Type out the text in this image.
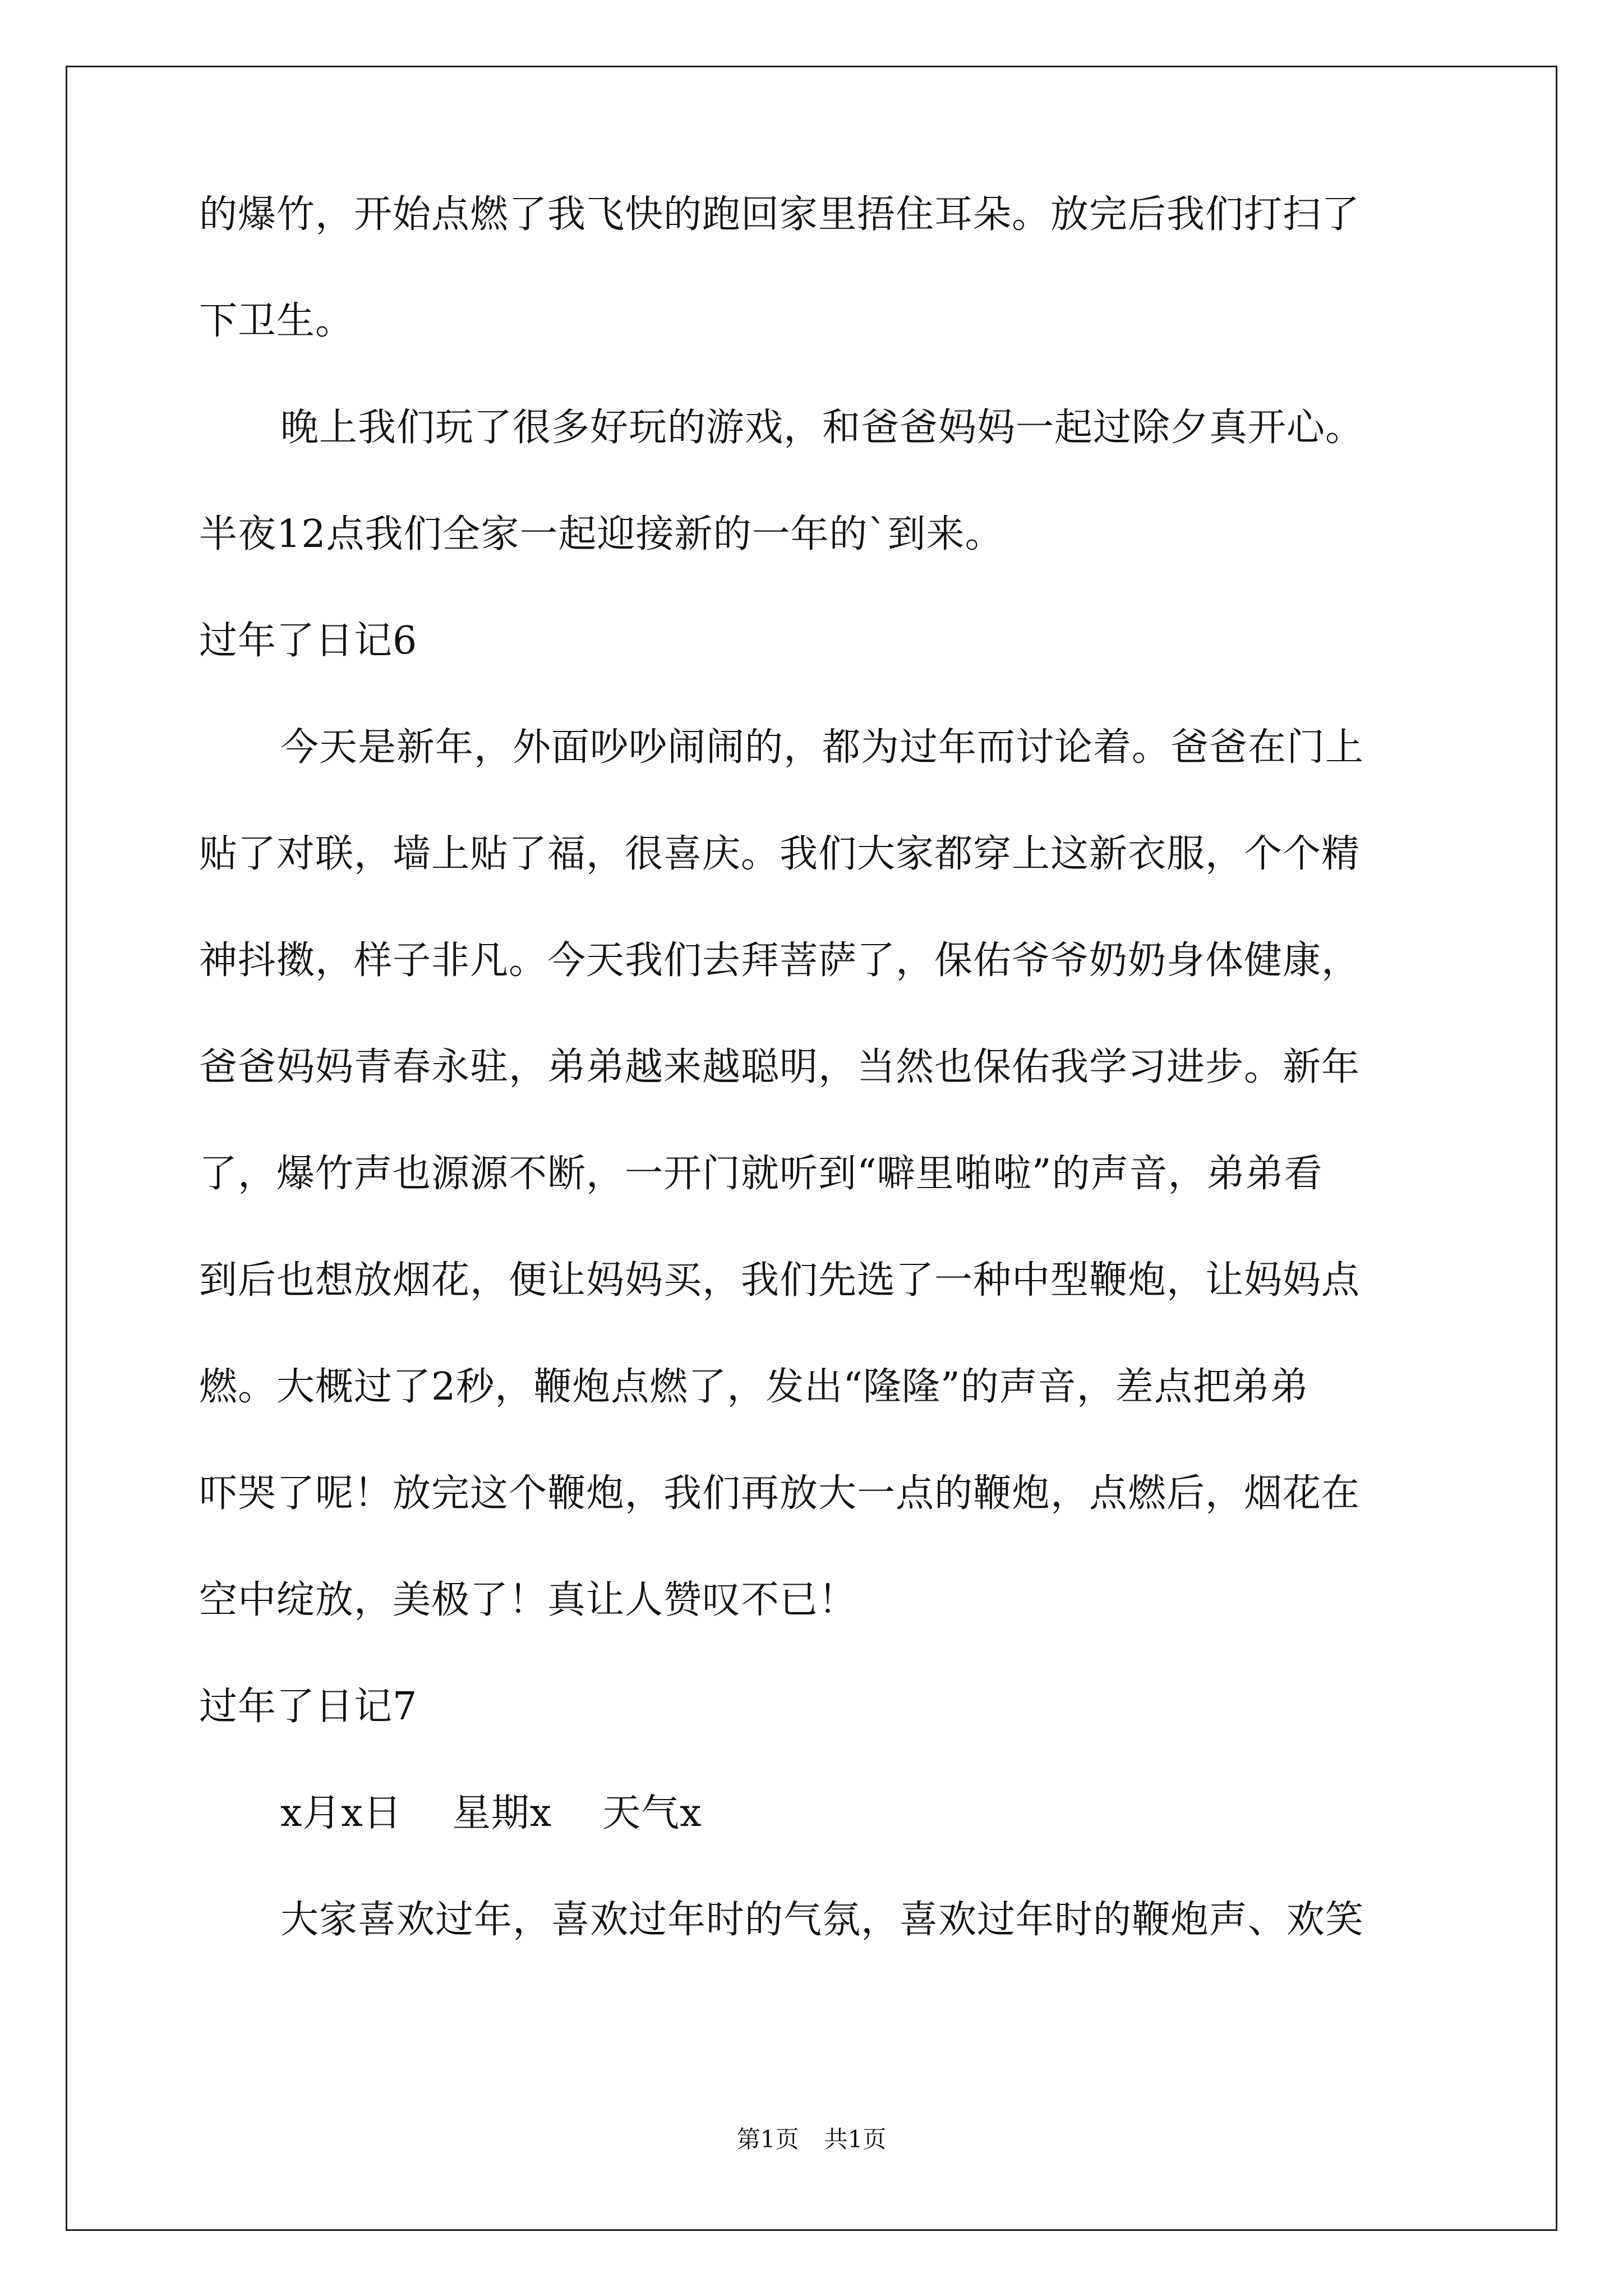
的爆竹，开始点燃了我飞快的跑回家里捂住耳朵。放完后我们打扫了
下卫生。
晚上我们玩了很多好玩的游戏，和爸爸妈妈一起过除夕真开心。
半夜12点我们全家一起迎接新的一年的`到来。
过年了日记6
今天是新年，外面吵吵闹闹的，都为过年而讨论着。爸爸在门上
贴了对联，墙上贴了福，很喜庆。我们大家都穿上这新衣服，个个精
神抖擞，样子非凡。今天我们去拜菩萨了，保佑爷爷奶奶身体健康，
爸爸妈妈青春永驻，弟弟越来越聪明，当然也保佑我学习进步。新年
了，爆竹声也源源不断，一开门就听到“噼里啪啦”的声音，弟弟看
到后也想放烟花，便让妈妈买，我们先选了一种中型鞭炮，让妈妈点
燃。大概过了2秒，鞭炮点燃了，发出“隆隆”的声音，差点把弟弟
吓哭了呢！放完这个鞭炮，我们再放大一点的鞭炮，点燃后，烟花在
空中绽放，美极了！真让人赞叹不已！
过年了日记7
x月x日 星期x 天气x
大家喜欢过年，喜欢过年时的气氛，喜欢过年时的鞭炮声、欢笑
第1页 共1页
